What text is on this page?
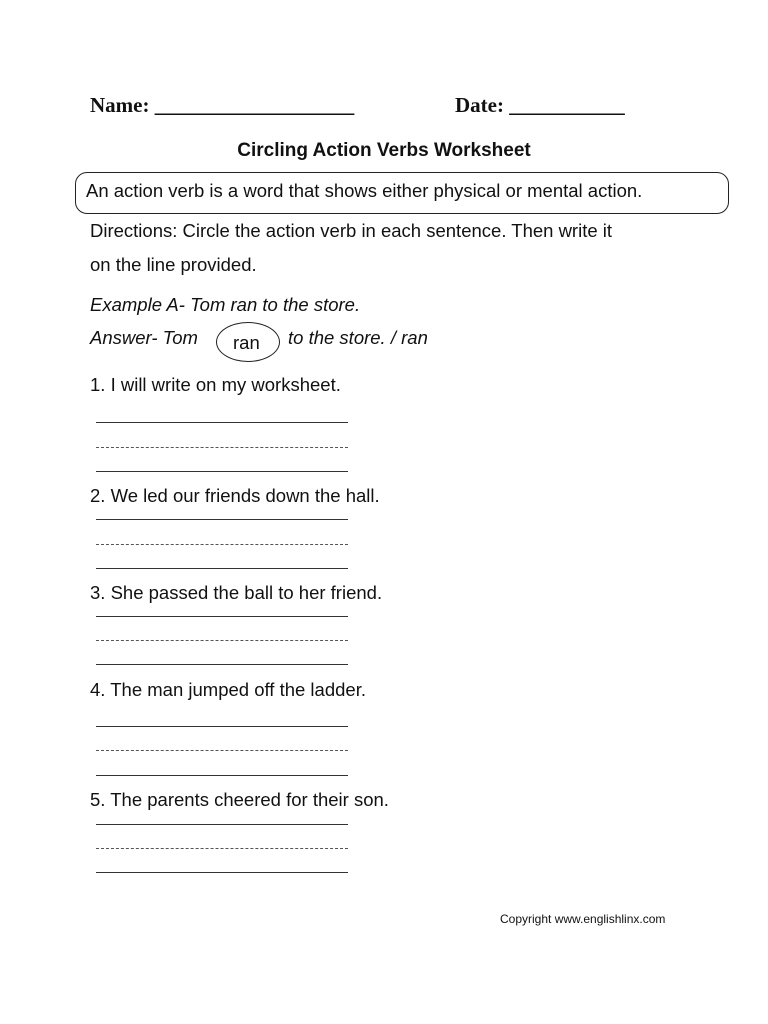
Name: ___________________	Date: ___________
Circling Action Verbs Worksheet
An action verb is a word that shows either physical or mental action.
Directions: Circle the action verb in each sentence. Then write it
on the line provided.
Example A- Tom ran to the store.
Answer- Tom ran to the store. / ran
1. I will write on my worksheet.
2. We led our friends down the hall.
3. She passed the ball to her friend.
4. The man jumped off the ladder.
5. The parents cheered for their son.
Copyright www.englishlinx.com
